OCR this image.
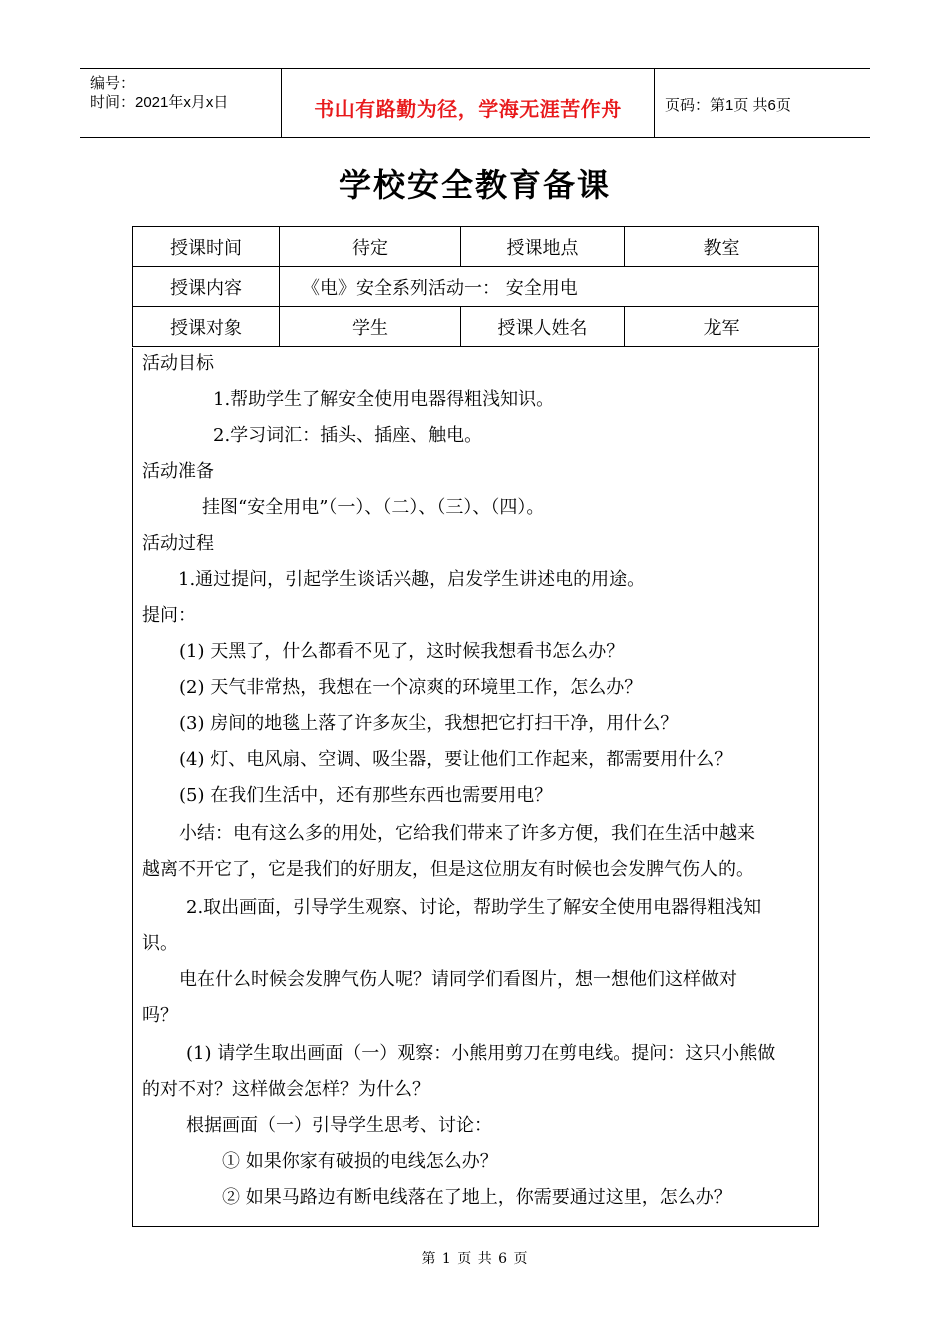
编号：
时间：2021年x月x日	书山有路勤为径，学海无涯苦作舟	页码：第1页 共6页
学校安全教育备课
授课时间	待定	授课地点	教室
授课内容	《电》安全系列活动一： 安全用电		
授课对象	学生	授课人姓名	龙军
活动目标
1.帮助学生了解安全使用电器得粗浅知识。
2.学习词汇：插头、插座、触电。
活动准备
挂图“安全用电”（一）、（二）、（三）、（四）。
活动过程
1.通过提问，引起学生谈话兴趣，启发学生讲述电的用途。
提问：
(1) 天黑了，什么都看不见了，这时候我想看书怎么办？
(2) 天气非常热，我想在一个凉爽的环境里工作，怎么办？
(3) 房间的地毯上落了许多灰尘，我想把它打扫干净，用什么？
(4) 灯、电风扇、空调、吸尘器，要让他们工作起来，都需要用什么？
(5) 在我们生活中，还有那些东西也需要用电？
小结：电有这么多的用处，它给我们带来了许多方便，我们在生活中越来
越离不开它了，它是我们的好朋友，但是这位朋友有时候也会发脾气伤人的。
2.取出画面，引导学生观察、讨论，帮助学生了解安全使用电器得粗浅知
识。
电在什么时候会发脾气伤人呢？请同学们看图片，想一想他们这样做对
吗？
(1) 请学生取出画面（一）观察：小熊用剪刀在剪电线。提问：这只小熊做
的对不对？这样做会怎样？为什么？
根据画面（一）引导学生思考、讨论：
① 如果你家有破损的电线怎么办？
② 如果马路边有断电线落在了地上，你需要通过这里，怎么办？
第 1 页 共 6 页
